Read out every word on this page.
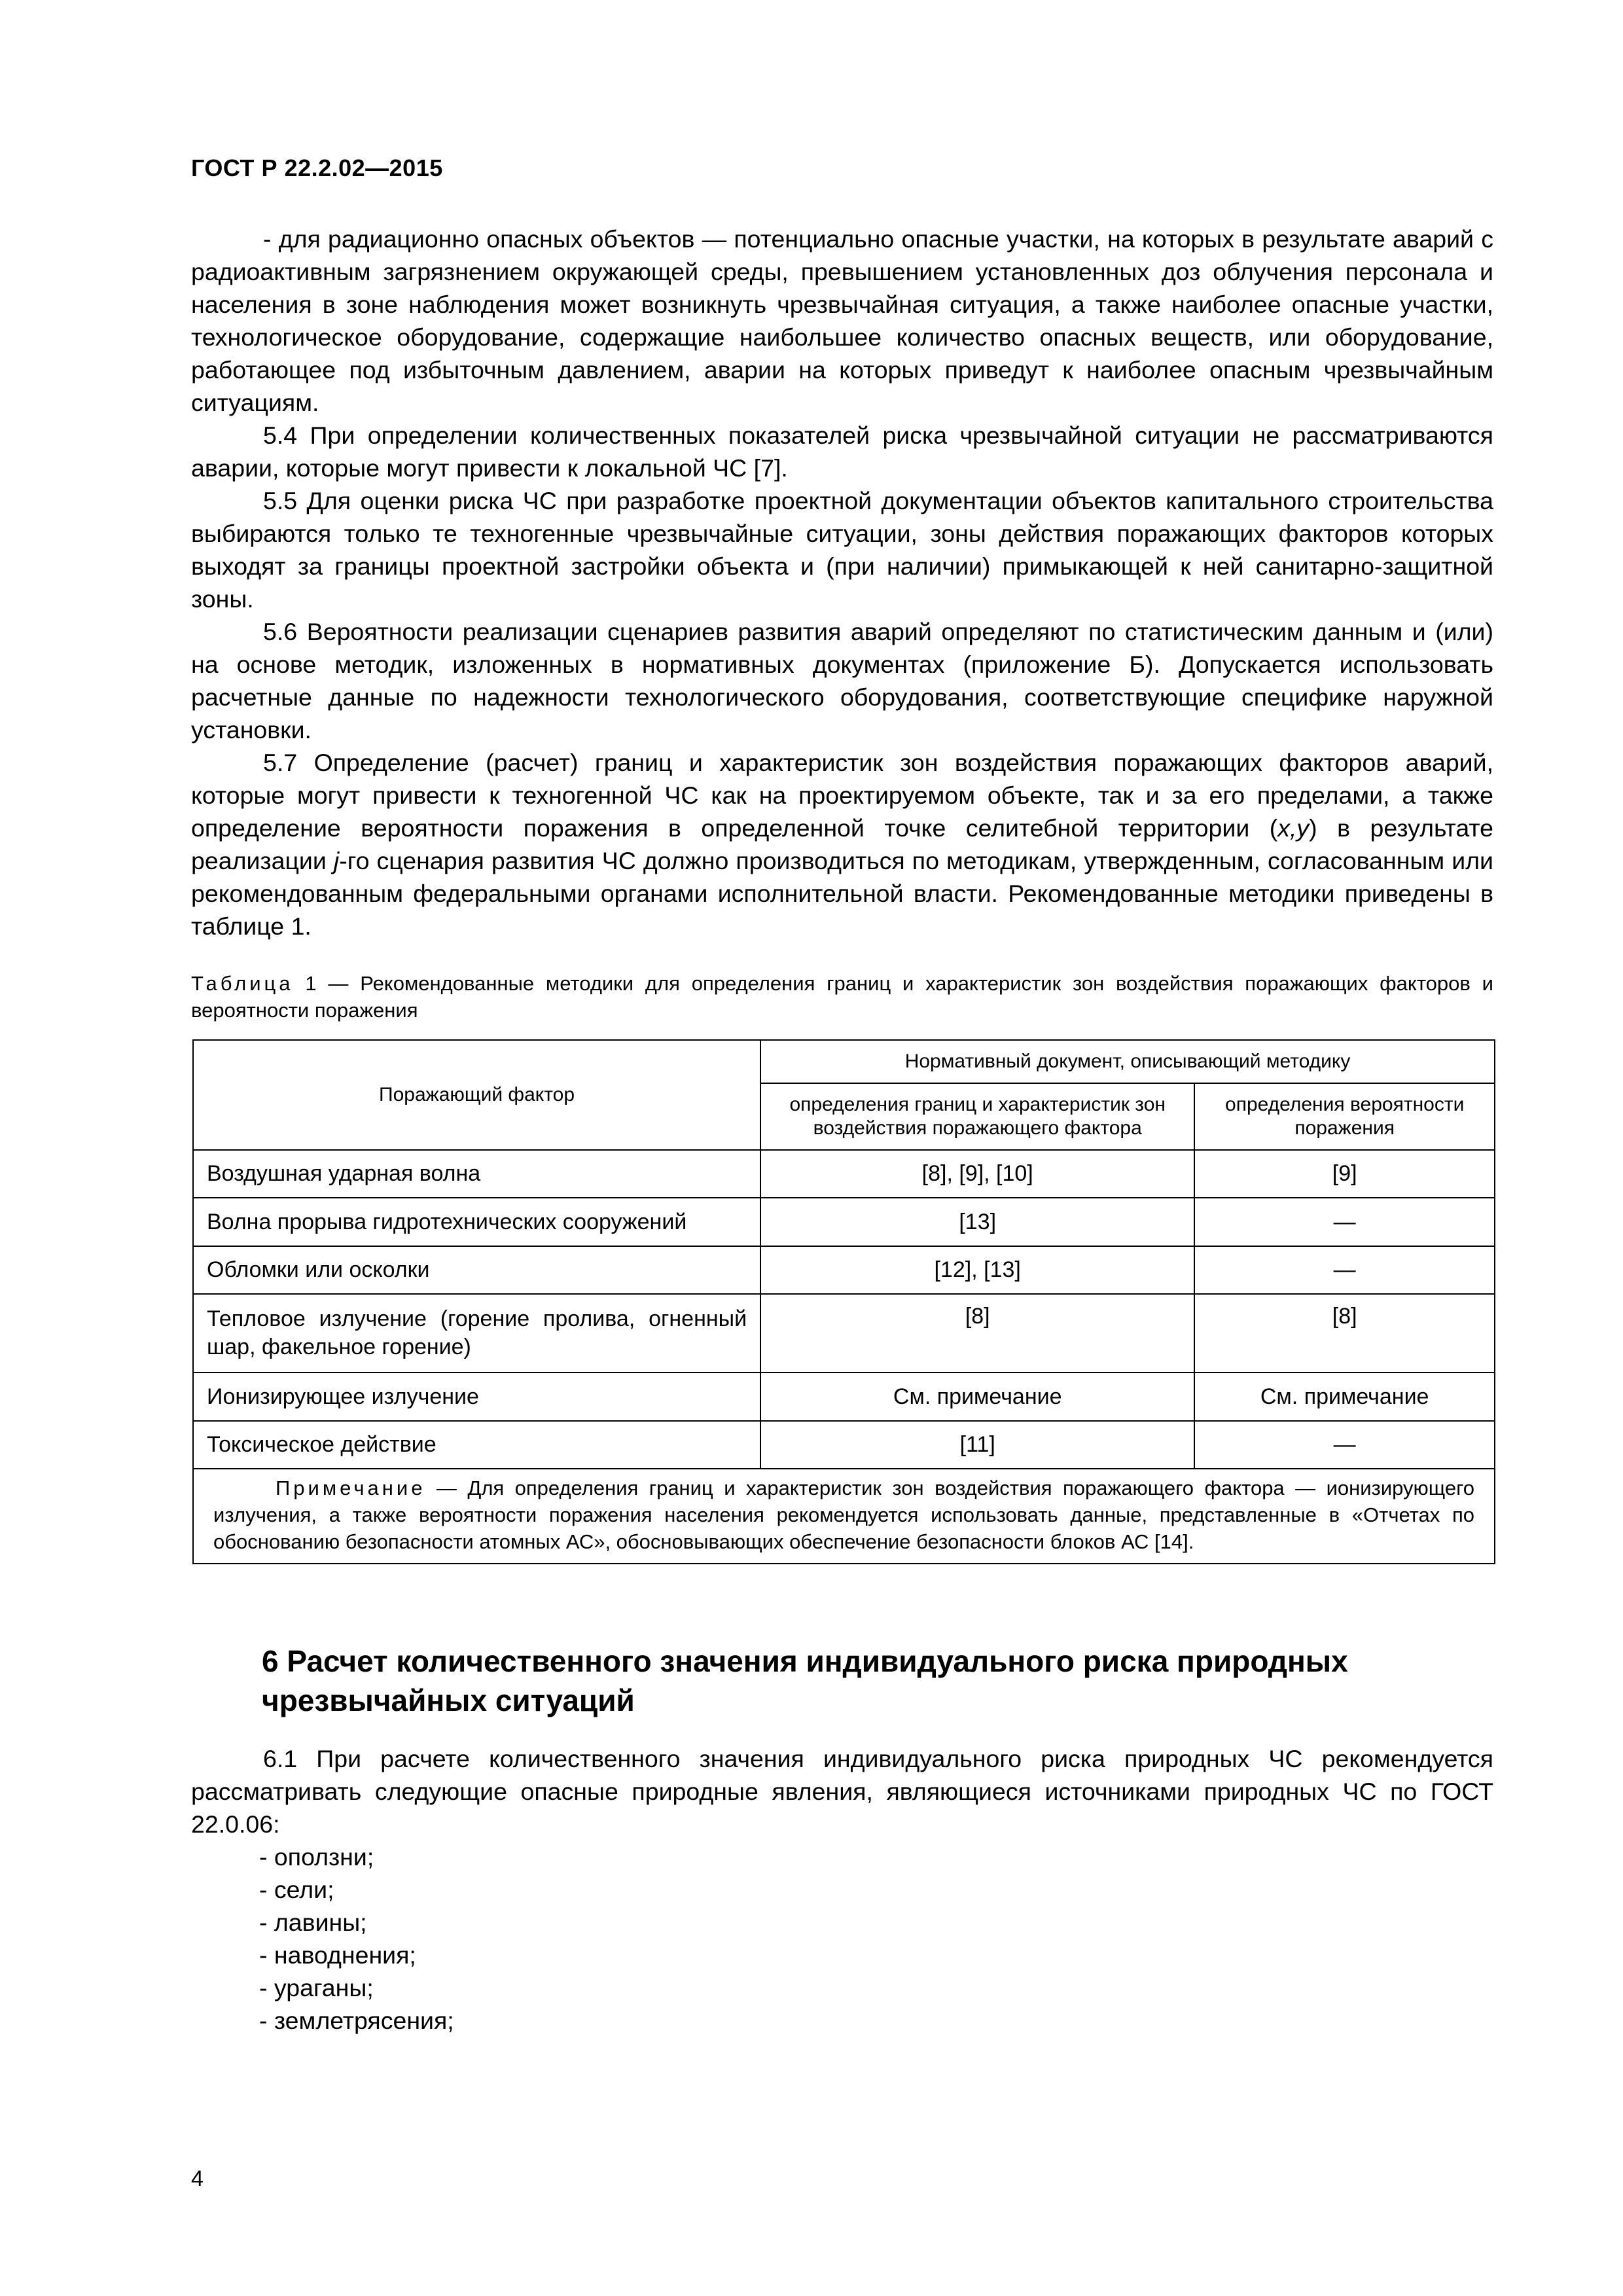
ГОСТ Р 22.2.02—2015

- для радиационно опасных объектов — потенциально опасные участки, на которых в результате аварий с радиоактивным загрязнением окружающей среды, превышением установленных доз облучения персонала и населения в зоне наблюдения может возникнуть чрезвычайная ситуация, а также наиболее опасные участки, технологическое оборудование, содержащие наибольшее количество опасных веществ, или оборудование, работающее под избыточным давлением, аварии на которых приведут к наиболее опасным чрезвычайным ситуациям.

5.4 При определении количественных показателей риска чрезвычайной ситуации не рассматриваются аварии, которые могут привести к локальной ЧС [7].

5.5 Для оценки риска ЧС при разработке проектной документации объектов капитального строительства выбираются только те техногенные чрезвычайные ситуации, зоны действия поражающих факторов которых выходят за границы проектной застройки объекта и (при наличии) примыкающей к ней санитарно-защитной зоны.

5.6 Вероятности реализации сценариев развития аварий определяют по статистическим данным и (или) на основе методик, изложенных в нормативных документах (приложение Б). Допускается использовать расчетные данные по надежности технологического оборудования, соответствующие специфике наружной установки.

5.7 Определение (расчет) границ и характеристик зон воздействия поражающих факторов аварий, которые могут привести к техногенной ЧС как на проектируемом объекте, так и за его пределами, а также определение вероятности поражения в определенной точке селитебной территории (x,y) в результате реализации j-го сценария развития ЧС должно производиться по методикам, утвержденным, согласованным или рекомендованным федеральными органами исполнительной власти. Рекомендованные методики приведены в таблице 1.

Таблица 1 — Рекомендованные методики для определения границ и характеристик зон воздействия поражающих факторов и вероятности поражения
Поражающий фактор	Нормативный документ, описывающий методику	
	определения границ и характеристик зон воздействия поражающего фактора	определения вероятности поражения
Воздушная ударная волна	[8], [9], [10]	[9]
Волна прорыва гидротехнических сооружений	[13]	—
Обломки или осколки	[12], [13]	—
Тепловое излучение (горение пролива, огненный шар, факельное горение)	[8]	[8]
Ионизирующее излучение	См. примечание	См. примечание
Токсическое действие	[11]	—
Примечание — Для определения границ и характеристик зон воздействия поражающего фактора — ионизирующего излучения, а также вероятности поражения населения рекомендуется использовать данные, представленные в «Отчетах по обоснованию безопасности атомных АС», обосновывающих обеспечение безопасности блоков АС [14].		
6 Расчет количественного значения индивидуального риска природных чрезвычайных ситуаций

6.1 При расчете количественного значения индивидуального риска природных ЧС рекомендуется рассматривать следующие опасные природные явления, являющиеся источниками природных ЧС по ГОСТ 22.0.06:

- оползни;
- сели;
- лавины;
- наводнения;
- ураганы;
- землетрясения;
4
